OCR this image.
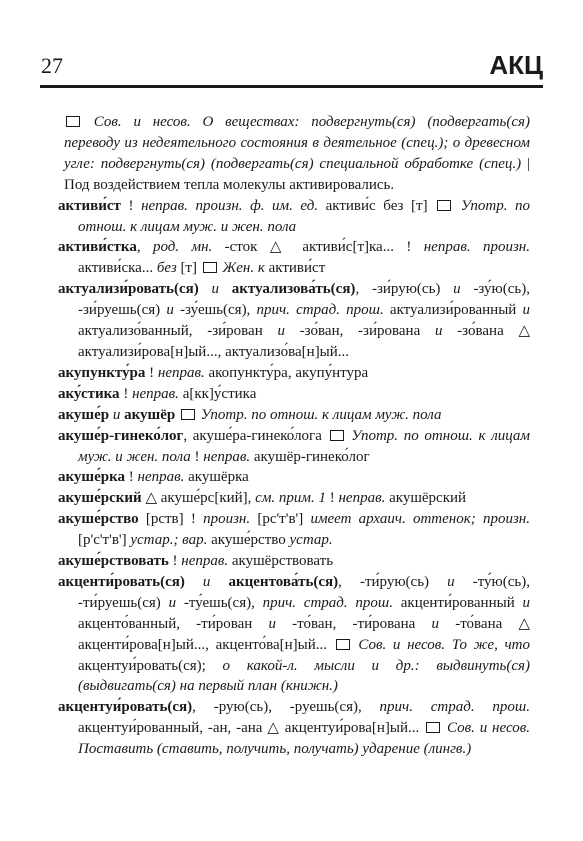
27	АКЦ
Сов. и несов. О веществах: подвергнуть(ся) (подвергать(ся) переводу из недеятельного состояния в деятельное (спец.); о древесном угле: подвергнуть(ся) (подвергать(ся) специальной обработке (спец.) | Под воздействием тепла молекулы активировались.
активи́ст ! неправ. произн. ф. им. ед. активи́с без [т]  Употр. по отнош. к лицам муж. и жен. пола
активи́стка, род. мн. -сток △ активи́с[т]ка... ! неправ. произн. активи́ска... без [т]  Жен. к активи́ст
актуализи́ровать(ся) и актуализова́ть(ся), -зи́рую(сь) и -зу́ю(сь), -зи́руешь(ся) и -зу́ешь(ся), прич. страд. прош. актуализи́рованный и актуализо́ванный, -зи́рован и -зо́ван, -зи́рована и -зо́вана △ актуализи́рова[н]ый..., актуализо́ва[н]ый...
акупункту́ра ! неправ. акопункту́ра, акупу́нтура
аку́стика ! неправ. а[кк]у́стика
акуше́р и акушёр Употр. по отнош. к лицам муж. пола
акуше́р-гинеко́лог, акуше́ра-гинеко́лога  Употр. по отнош. к лицам муж. и жен. пола ! неправ. акушёр-гинеко́лог
акуше́рка ! неправ. акушёрка
акуше́рский △ акуше́рс[кий], см. прим. 1 ! неправ. акушёрский
акуше́рство [рств] ! произн. [рс'т'в'] имеет архаич. оттенок; произн. [р'с'т'в'] устар.; вар. акуше́рство устар.
акуше́рствовать ! неправ. акушёрствовать
акценти́ровать(ся) и акцентова́ть(ся), -ти́рую(сь) и -ту́ю(сь), -ти́руешь(ся) и -ту́ешь(ся), прич. страд. прош. акценти́рованный и акценто́ванный, -ти́рован и -то́ван, -ти́рована и -то́вана △ акценти́рова[н]ый..., акценто́ва[н]ый...  Сов. и несов. То же, что акцентуи́ровать(ся); о какой-л. мысли и др.: выдвинуть(ся) (выдвигать(ся) на первый план (книжн.)
акцентуи́ровать(ся), -рую(сь), -руешь(ся), прич. страд. прош. акцентуи́рованный, -ан, -ана △ акцентуи́рова[н]ый...  Сов. и несов. Поставить (ставить, получить, получать) ударение (лингв.)
